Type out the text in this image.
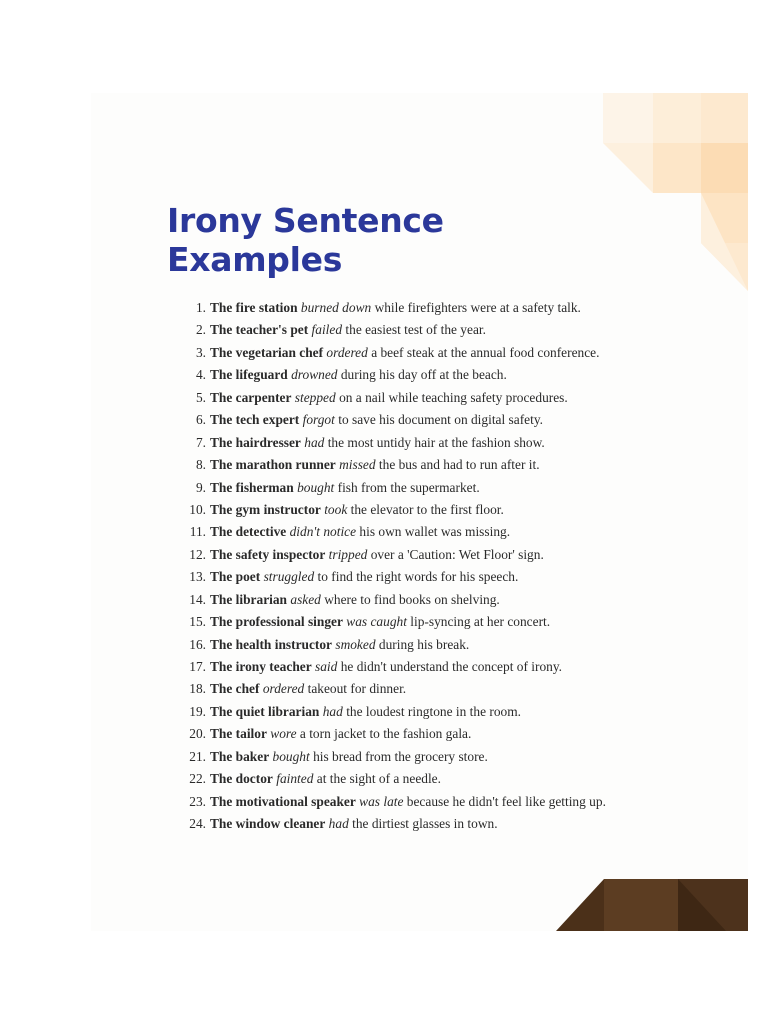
Irony Sentence Examples
1. The fire station burned down while firefighters were at a safety talk.
2. The teacher's pet failed the easiest test of the year.
3. The vegetarian chef ordered a beef steak at the annual food conference.
4. The lifeguard drowned during his day off at the beach.
5. The carpenter stepped on a nail while teaching safety procedures.
6. The tech expert forgot to save his document on digital safety.
7. The hairdresser had the most untidy hair at the fashion show.
8. The marathon runner missed the bus and had to run after it.
9. The fisherman bought fish from the supermarket.
10. The gym instructor took the elevator to the first floor.
11. The detective didn't notice his own wallet was missing.
12. The safety inspector tripped over a 'Caution: Wet Floor' sign.
13. The poet struggled to find the right words for his speech.
14. The librarian asked where to find books on shelving.
15. The professional singer was caught lip-syncing at her concert.
16. The health instructor smoked during his break.
17. The irony teacher said he didn't understand the concept of irony.
18. The chef ordered takeout for dinner.
19. The quiet librarian had the loudest ringtone in the room.
20. The tailor wore a torn jacket to the fashion gala.
21. The baker bought his bread from the grocery store.
22. The doctor fainted at the sight of a needle.
23. The motivational speaker was late because he didn't feel like getting up.
24. The window cleaner had the dirtiest glasses in town.
